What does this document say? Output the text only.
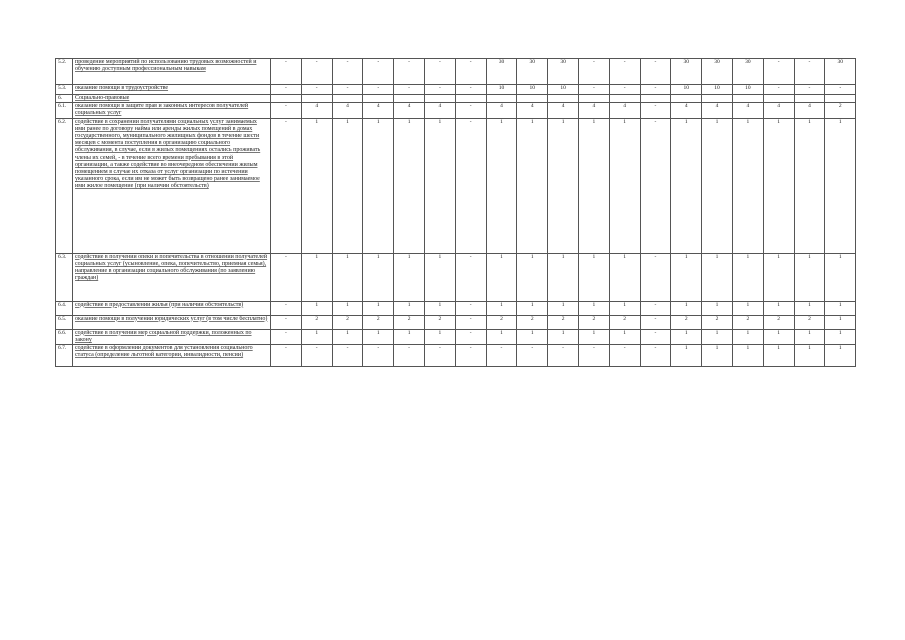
5.2.	проведение мероприятий по использованию трудовых возможностей и обучению доступным профессиональным навыкам	-	-	-	-	-	-	-	30	30	30	-	-	-	30	30	30	-	-	30
5.3.	оказание помощи в трудоустройстве	-	-	-	-	-	-	-	10	10	10	-	-	-	10	10	10	-	-	-
6.	Социально-правовые																			
6.1.	оказание помощи в защите прав и законных интересов получателей социальных услуг	-	4	4	4	4	4	-	4	4	4	4	4	-	4	4	4	4	4	2
6.2.	содействие в сохранении получателями социальных услуг занимаемых ими ранее по договору найма или аренды жилых помещений в домах государственного, муниципального жилищных фондов в течение шести месяцев с момента поступления в организацию социального обслуживания, в случае, если в жилых помещениях остались проживать члены их семей, - в течение всего времени пребывания в этой организации, а также содействие во внеочередном обеспечении жилым помещением в случае их отказа от услуг организации по истечении указанного срока, если им не может быть возвращено ранее занимаемое ими жилое помещение (при наличии обстоятельств)	-	1	1	1	1	1	-	1	1	1	1	1	-	1	1	1	1	1	1
6.3.	содействие в получении опеки и попечительства в отношении получателей социальных услуг (усыновление, опека, попечительство, приемная семья), направление в организации социального обслуживания (по заявлению граждан)	-	1	1	1	1	1	-	1	1	1	1	1	-	1	1	1	1	1	1
6.4.	содействие в предоставлении жилья (при наличии обстоятельств)	-	1	1	1	1	1	-	1	1	1	1	1	-	1	1	1	1	1	1
6.5.	оказание помощи в получении юридических услуг (в том числе бесплатно)	-	2	2	2	2	2	-	2	2	2	2	2	-	2	2	2	2	2	1
6.6.	содействие в получении мер социальной поддержки, положенных по закону	-	1	1	1	1	1	-	1	1	1	1	1	-	1	1	1	1	1	1
6.7.	содействие в оформлении документов для установления социального статуса (определение льготной категории, инвалидности, пенсии)	-	-	-	-	-	-	-	-	-	-	-	-	-	1	1	1	1	1	1
